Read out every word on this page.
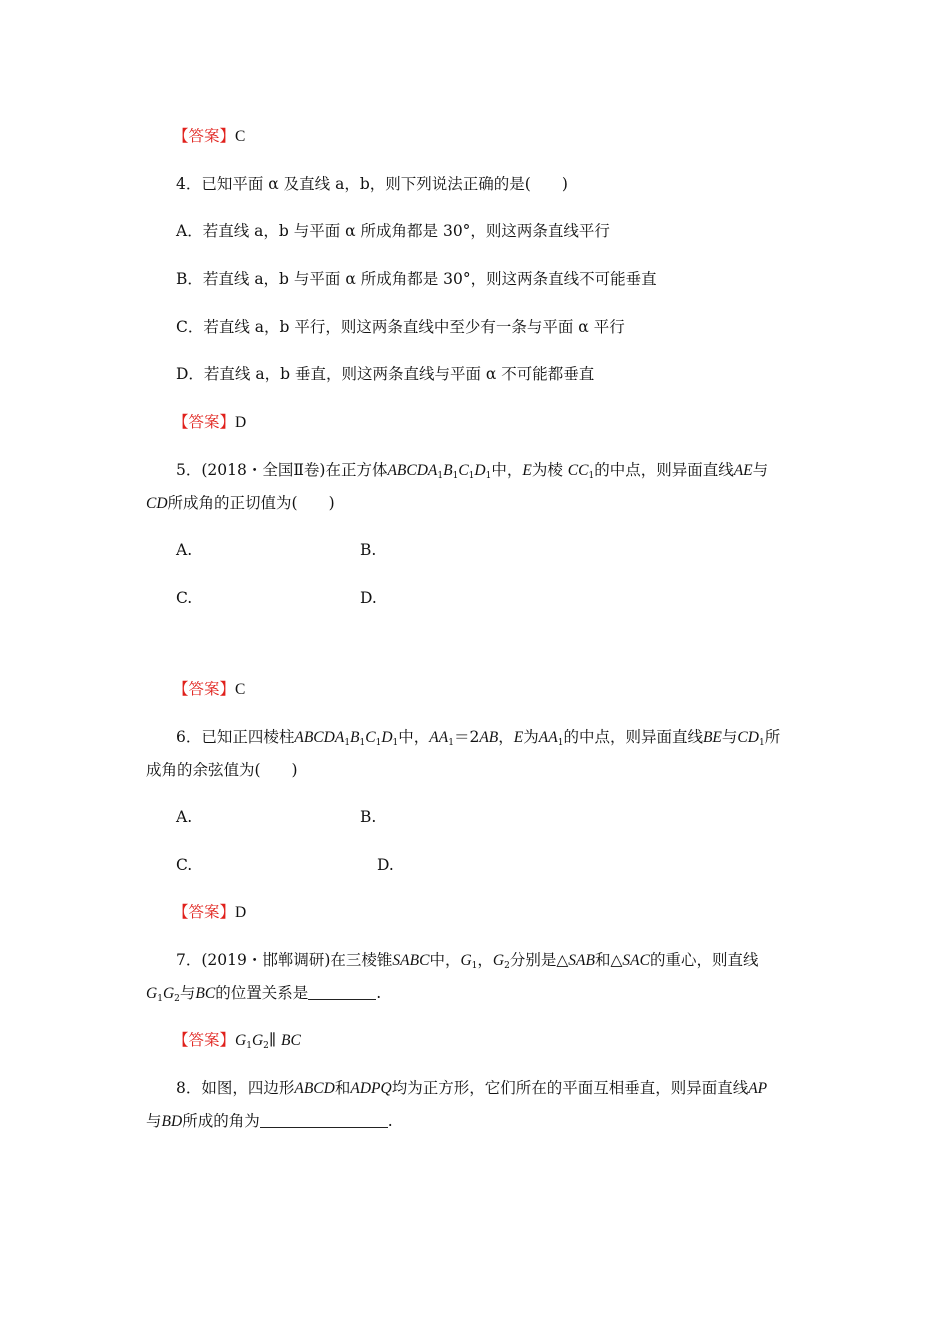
【答案】C
4．已知平面 α 及直线 a，b，则下列说法正确的是(　　)
A．若直线 a，b 与平面 α 所成角都是 30°，则这两条直线平行
B．若直线 a，b 与平面 α 所成角都是 30°，则这两条直线不可能垂直
C．若直线 a，b 平行，则这两条直线中至少有一条与平面 α 平行
D．若直线 a，b 垂直，则这两条直线与平面 α 不可能都垂直
【答案】D
5．(2018・全国Ⅱ卷)在正方体$ABCDA_1B_1C_1D_1$中，E为棱 $CC_1$的中点，则异面直线AE与
CD所成角的正切值为(　　)
A.	B.
C.	D.
【答案】C
6．已知正四棱柱$ABCDA_1B_1C_1D_1$中，$AA_1=2AB$，E为$AA_1$的中点，则异面直线BE与$CD_1$所
成角的余弦值为(　　)
A.	B.
C.	D.
【答案】D
7．(2019・邯郸调研)在三棱锥SABC中，$G_1$，$G_2$分别是△SAB和△SAC的重心，则直线
$G_1G_2$与BC的位置关系是	.
【答案】$G_1G_2\parallel$ BC
8．如图，四边形ABCD和ADPQ均为正方形，它们所在的平面互相垂直，则异面直线AP
与BD所成的角为	.
